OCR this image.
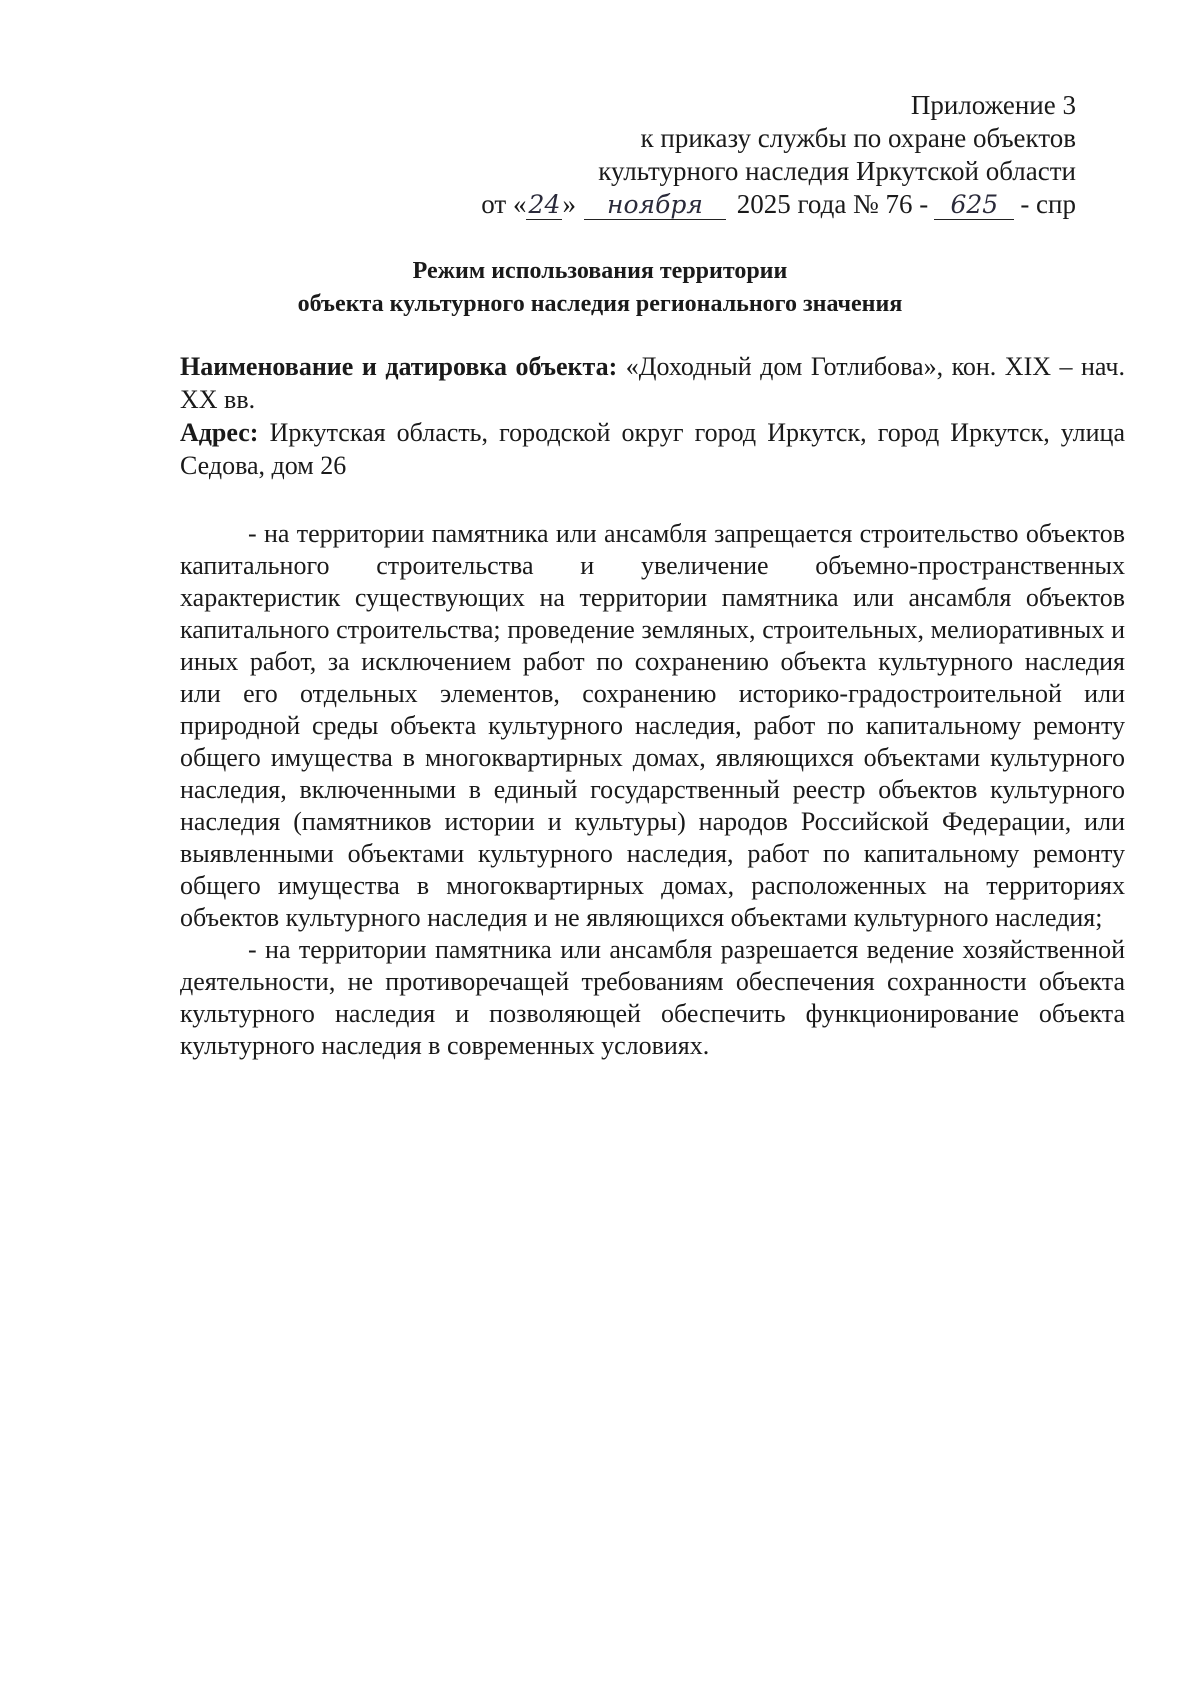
Приложение 3
к приказу службы по охране объектов
культурного наследия Иркутской области
от «24» ноября 2025 года № 76 - 625 - спр
Режим использования территории
объекта культурного наследия регионального значения
Наименование и датировка объекта: «Доходный дом Готлибова», кон. XIX – нач. XX вв.
Адрес: Иркутская область, городской округ город Иркутск, город Иркутск, улица Седова, дом 26

- на территории памятника или ансамбля запрещается строительство объектов капитального строительства и увеличение объемно-пространственных характеристик существующих на территории памятника или ансамбля объектов капитального строительства; проведение земляных, строительных, мелиоративных и иных работ, за исключением работ по сохранению объекта культурного наследия или его отдельных элементов, сохранению историко-градостроительной или природной среды объекта культурного наследия, работ по капитальному ремонту общего имущества в многоквартирных домах, являющихся объектами культурного наследия, включенными в единый государственный реестр объектов культурного наследия (памятников истории и культуры) народов Российской Федерации, или выявленными объектами культурного наследия, работ по капитальному ремонту общего имущества в многоквартирных домах, расположенных на территориях объектов культурного наследия и не являющихся объектами культурного наследия;

- на территории памятника или ансамбля разрешается ведение хозяйственной деятельности, не противоречащей требованиям обеспечения сохранности объекта культурного наследия и позволяющей обеспечить функционирование объекта культурного наследия в современных условиях.
